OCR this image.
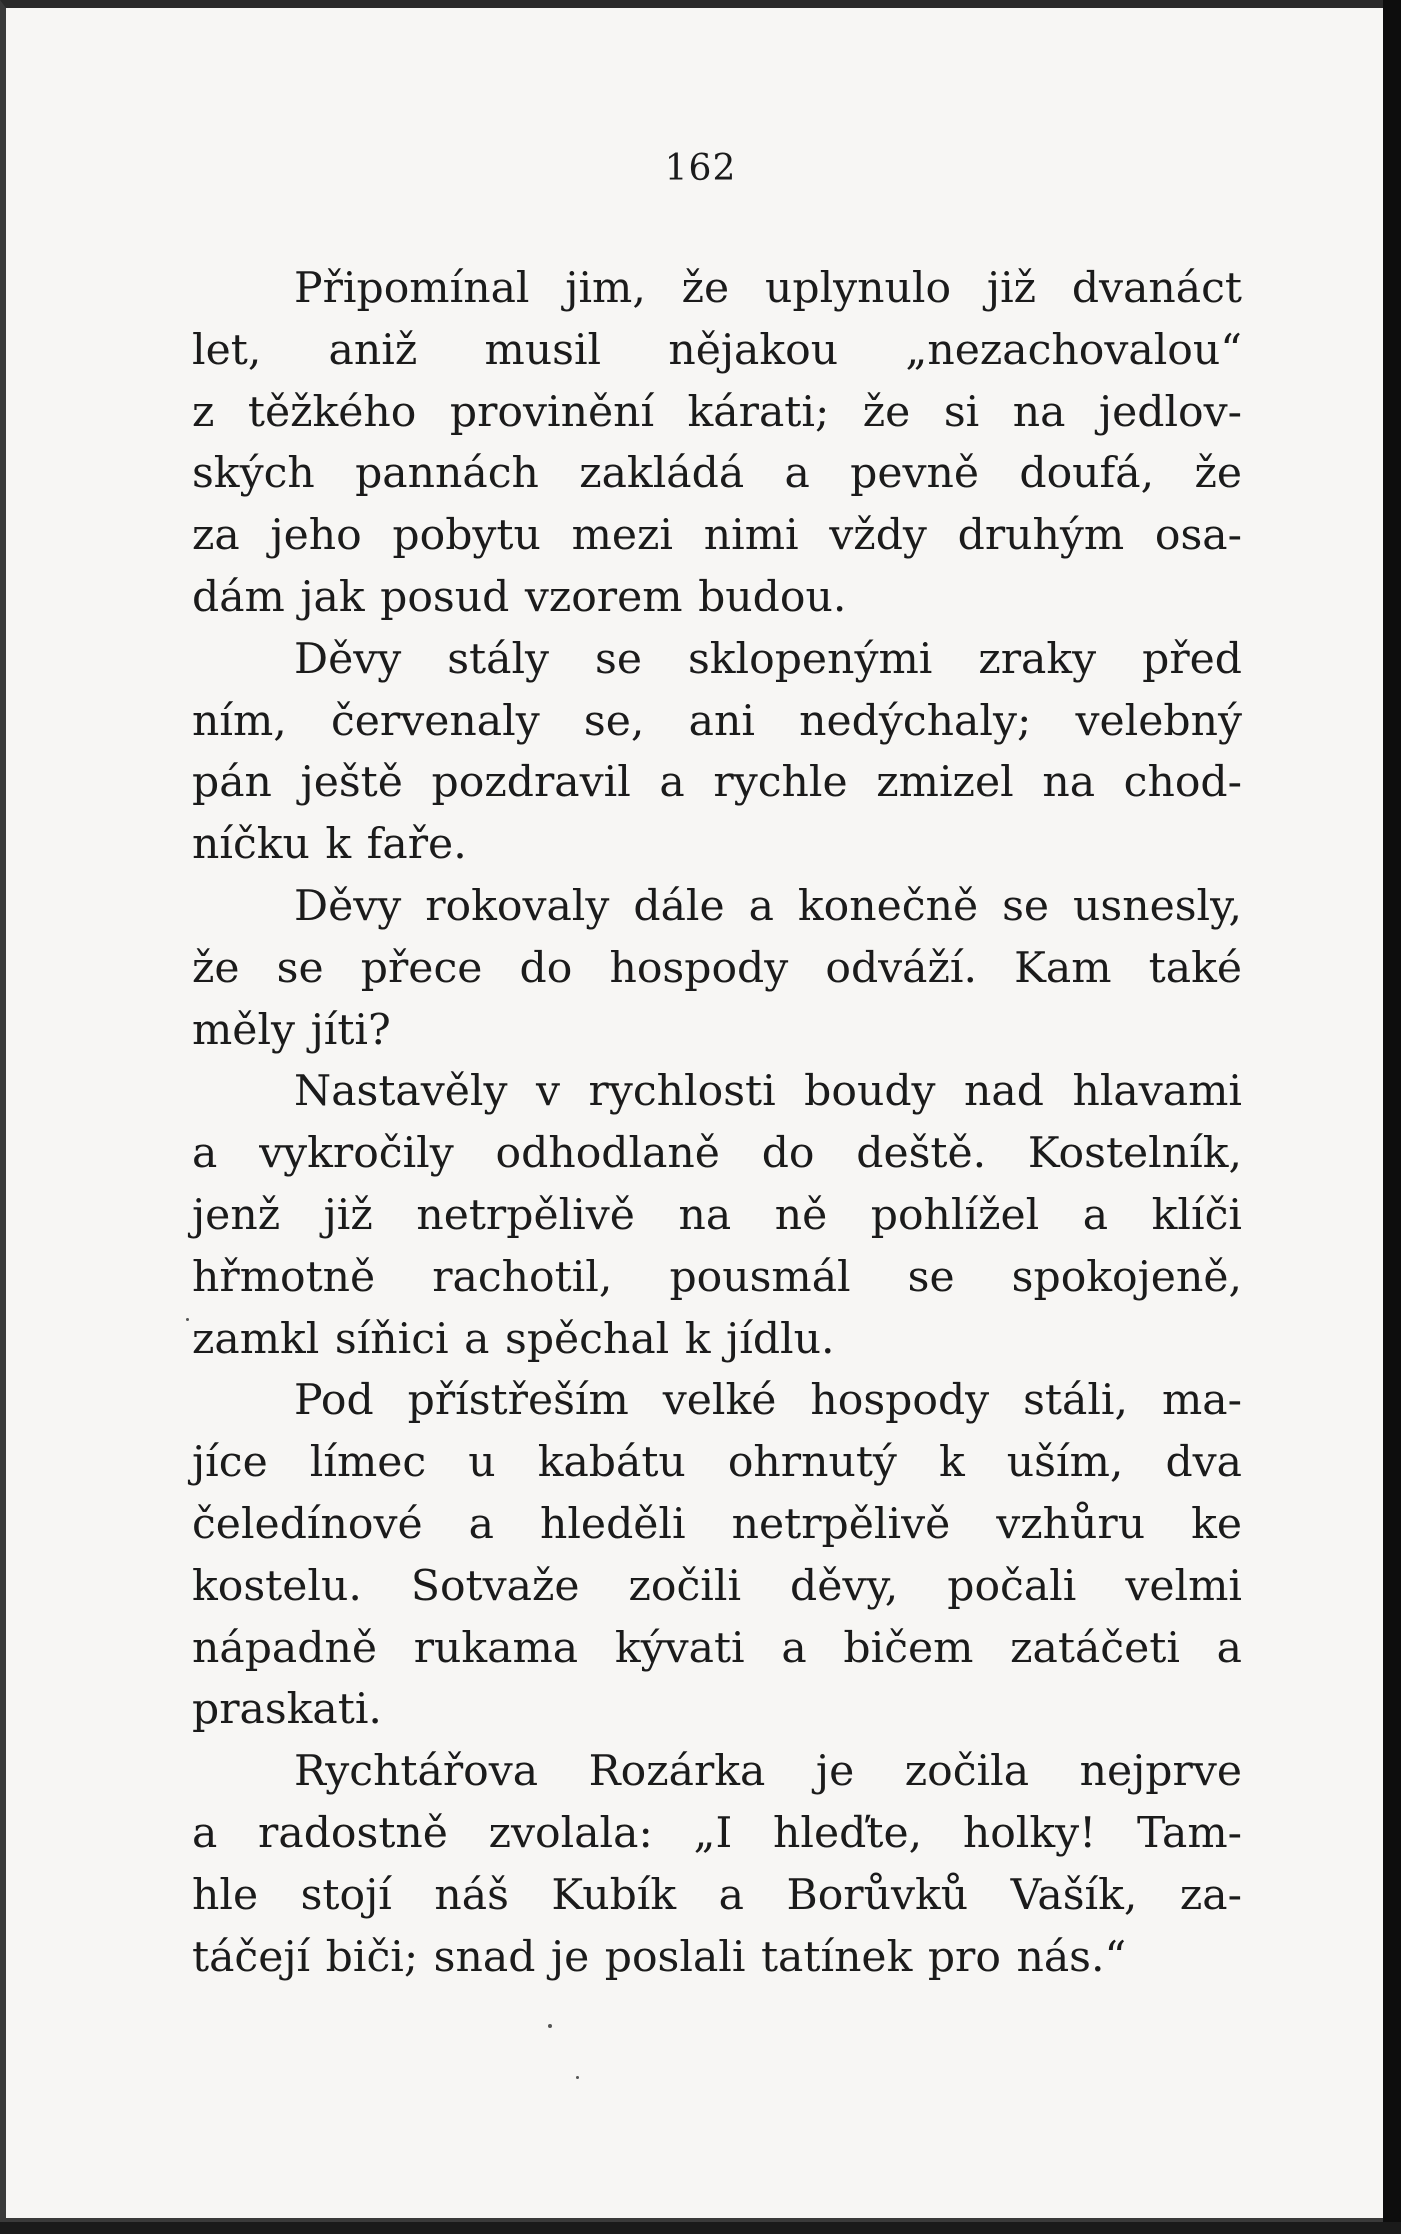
162
Připomínal jim, že uplynulo již dvanáct
let, aniž musil nějakou „nezachovalou“
z těžkého provinění kárati; že si na jedlov-
ských pannách zakládá a pevně doufá, že
za jeho pobytu mezi nimi vždy druhým osa-
dám jak posud vzorem budou.
Děvy stály se sklopenými zraky před
ním, červenaly se, ani nedýchaly; velebný
pán ještě pozdravil a rychle zmizel na chod-
níčku k faře.
Děvy rokovaly dále a konečně se usnesly,
že se přece do hospody odváží. Kam také
měly jíti?
Nastavěly v rychlosti boudy nad hlavami
a vykročily odhodlaně do deště. Kostelník,
jenž již netrpělivě na ně pohlížel a klíči
hřmotně rachotil, pousmál se spokojeně,
zamkl síňici a spěchal k jídlu.
Pod přístřeším velké hospody stáli, ma-
jíce límec u kabátu ohrnutý k uším, dva
čeledínové a hleděli netrpělivě vzhůru ke
kostelu. Sotvaže zočili děvy, počali velmi
nápadně rukama kývati a bičem zatáčeti a
praskati.
Rychtářova Rozárka je zočila nejprve
a radostně zvolala: „I hleďte, holky! Tam-
hle stojí náš Kubík a Borůvků Vašík, za-
táčejí biči; snad je poslali tatínek pro nás.“
